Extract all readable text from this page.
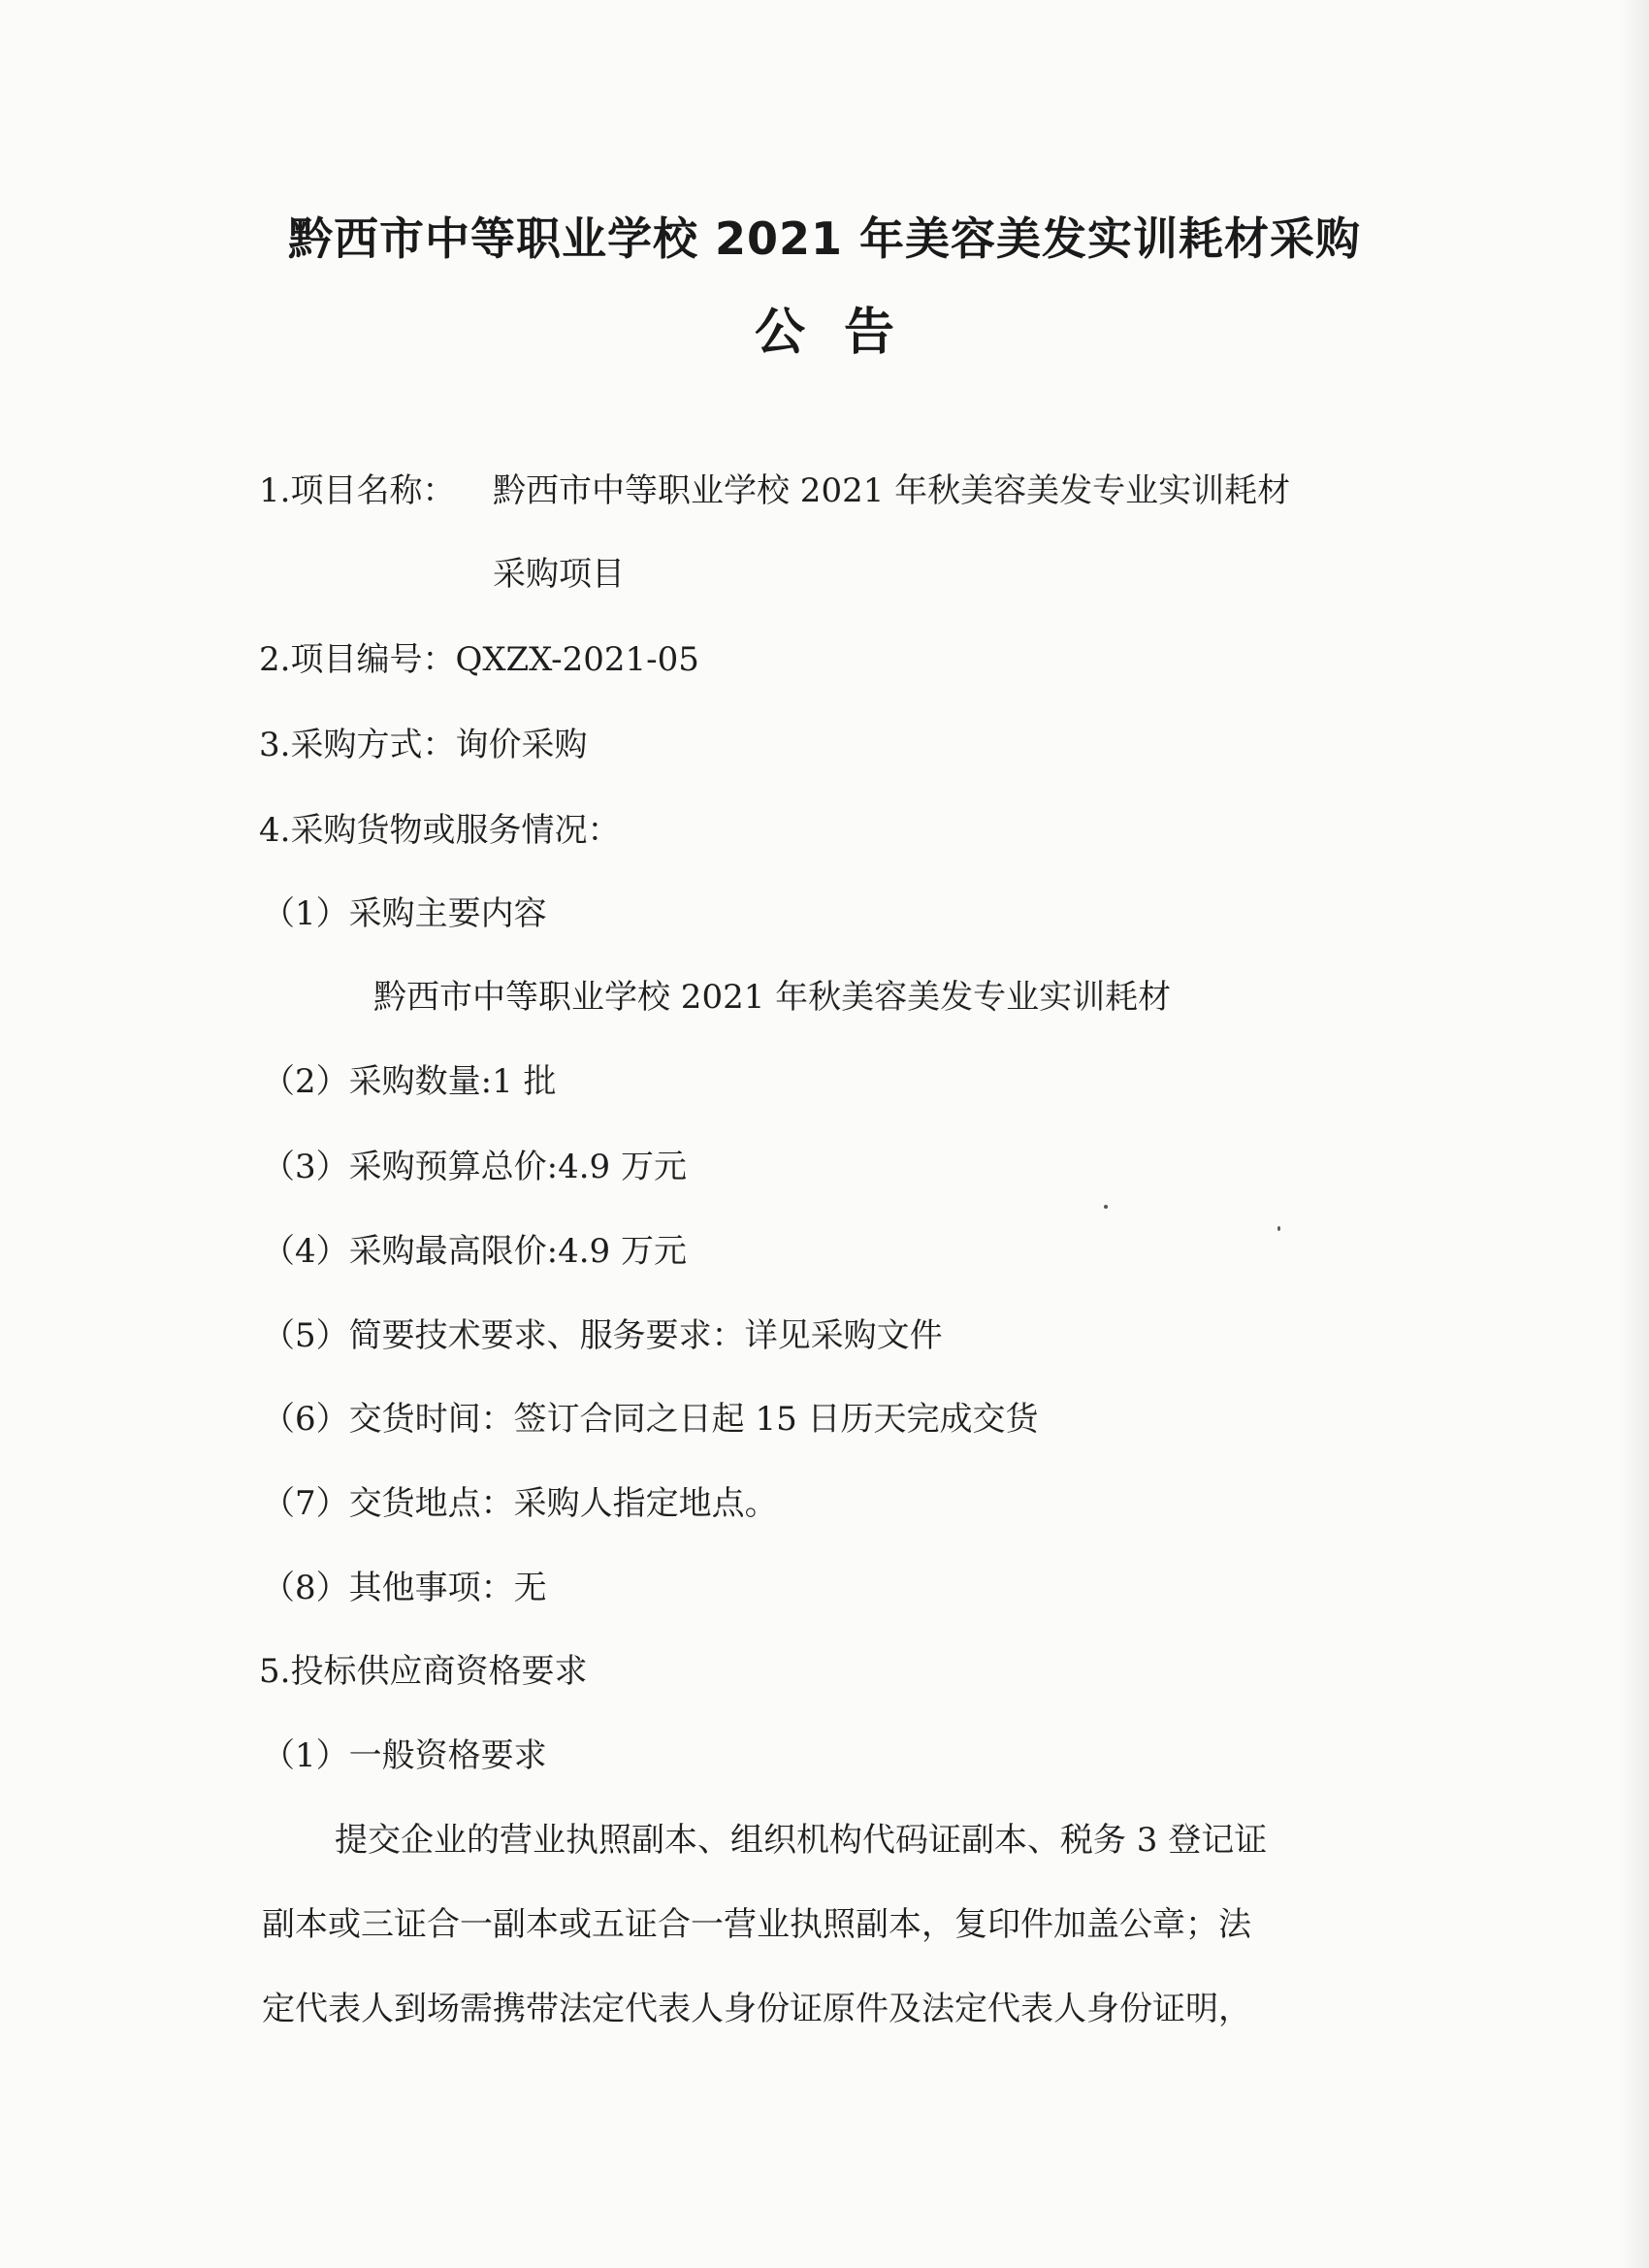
黔西市中等职业学校 2021 年美容美发实训耗材采购
公告
1.项目名称： 黔西市中等职业学校 2021 年秋美容美发专业实训耗材
采购项目
2.项目编号：QXZX-2021-05
3.采购方式：询价采购
4.采购货物或服务情况：
（1）采购主要内容
黔西市中等职业学校 2021 年秋美容美发专业实训耗材
（2）采购数量:1 批
（3）采购预算总价:4.9 万元
（4）采购最高限价:4.9 万元
（5）简要技术要求、服务要求：详见采购文件
（6）交货时间：签订合同之日起 15 日历天完成交货
（7）交货地点：采购人指定地点。
（8）其他事项：无
5.投标供应商资格要求
（1）一般资格要求
提交企业的营业执照副本、组织机构代码证副本、税务 3 登记证
副本或三证合一副本或五证合一营业执照副本，复印件加盖公章；法
定代表人到场需携带法定代表人身份证原件及法定代表人身份证明，
